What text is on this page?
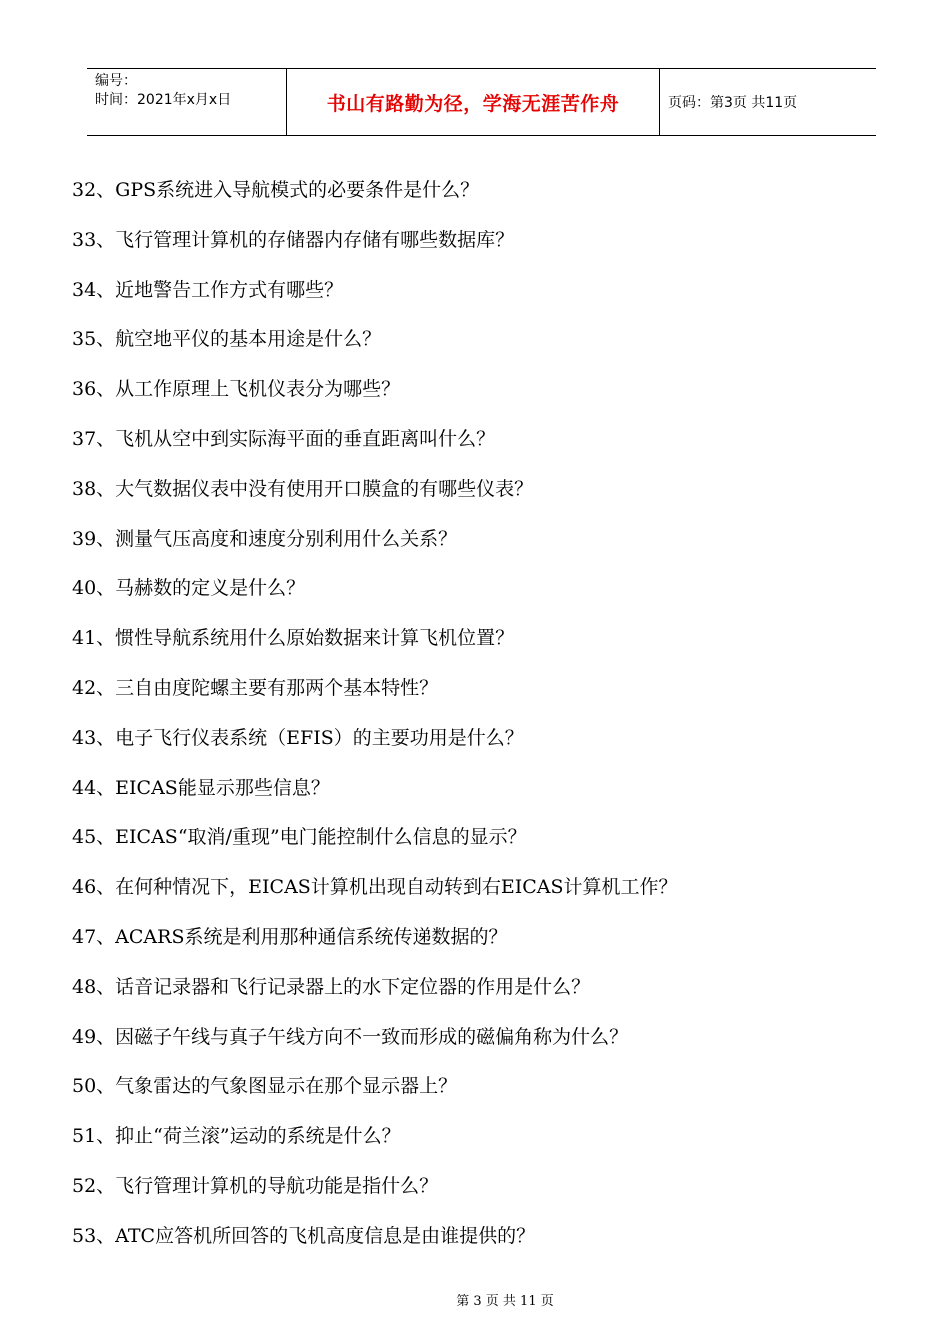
编号：
时间：2021年x月x日	书山有路勤为径，学海无涯苦作舟	页码：第3页 共11页
32、GPS系统进入导航模式的必要条件是什么？
33、飞行管理计算机的存储器内存储有哪些数据库？
34、近地警告工作方式有哪些？
35、航空地平仪的基本用途是什么？
36、从工作原理上飞机仪表分为哪些？
37、飞机从空中到实际海平面的垂直距离叫什么？
38、大气数据仪表中没有使用开口膜盒的有哪些仪表？
39、测量气压高度和速度分别利用什么关系？
40、马赫数的定义是什么？
41、惯性导航系统用什么原始数据来计算飞机位置？
42、三自由度陀螺主要有那两个基本特性？
43、电子飞行仪表系统（EFIS）的主要功用是什么？
44、EICAS能显示那些信息？
45、EICAS“取消/重现”电门能控制什么信息的显示？
46、在何种情况下，EICAS计算机出现自动转到右EICAS计算机工作？
47、ACARS系统是利用那种通信系统传递数据的？
48、话音记录器和飞行记录器上的水下定位器的作用是什么？
49、因磁子午线与真子午线方向不一致而形成的磁偏角称为什么？
50、气象雷达的气象图显示在那个显示器上？
51、抑止“荷兰滚”运动的系统是什么？
52、飞行管理计算机的导航功能是指什么？
53、ATC应答机所回答的飞机高度信息是由谁提供的？
第 3 页 共 11 页
